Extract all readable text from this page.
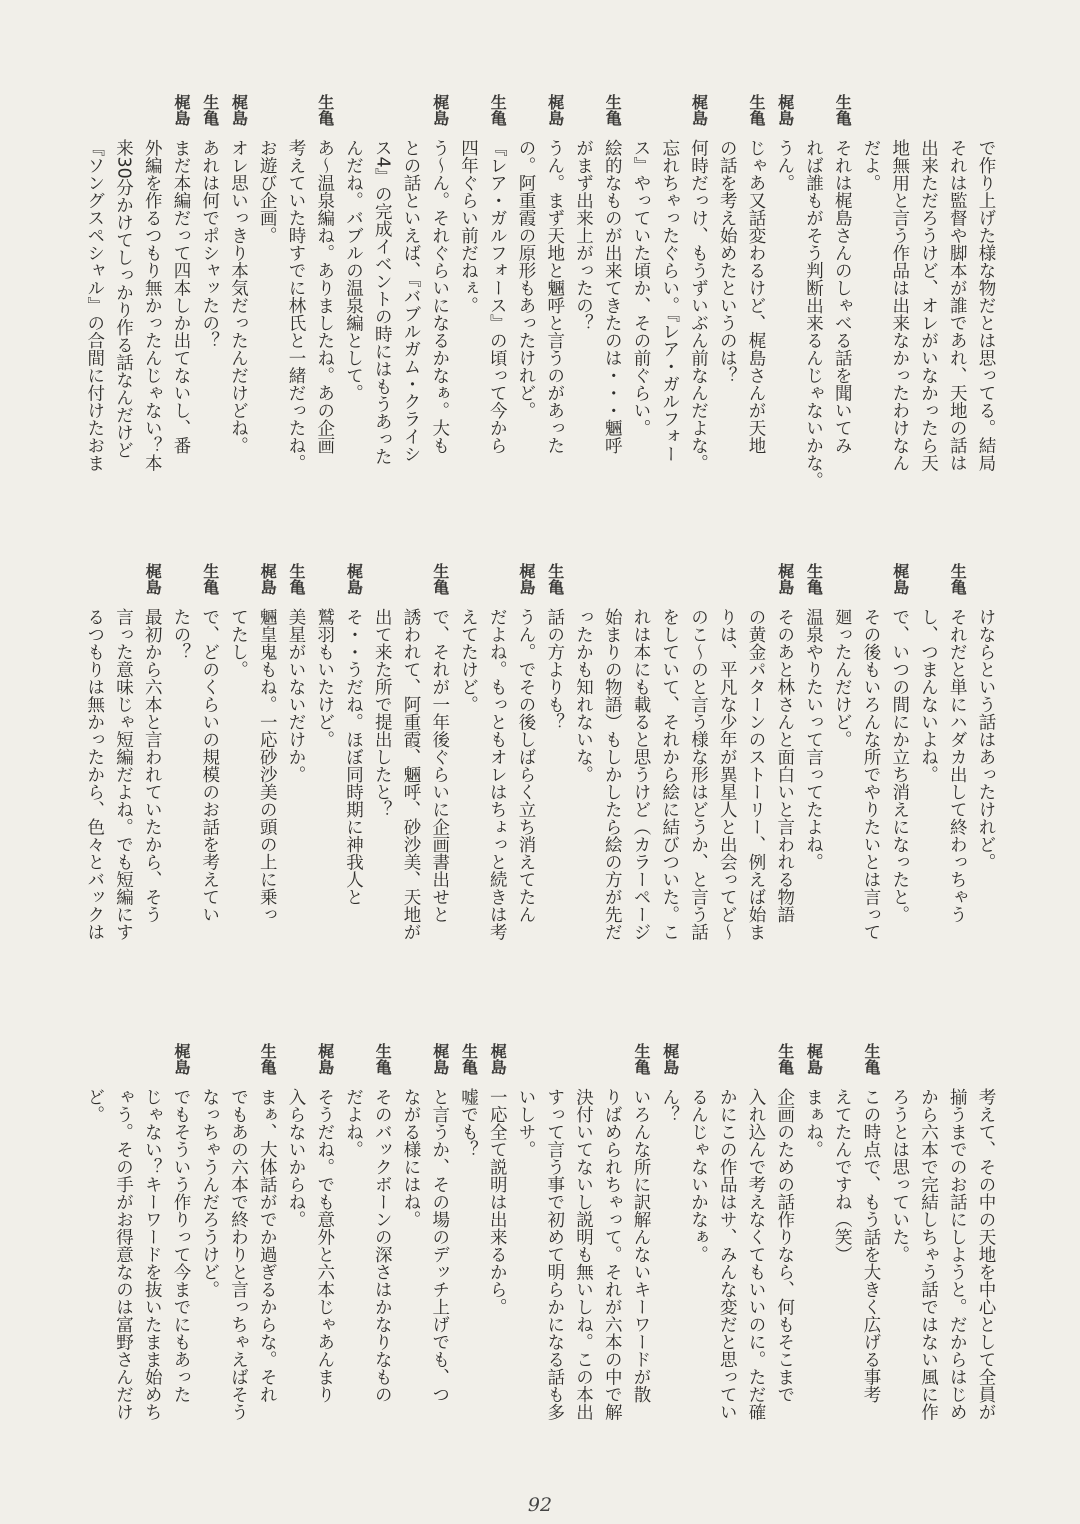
で作り上げた様な物だとは思ってる。結局
それは監督や脚本が誰であれ、天地の話は
出来ただろうけど、オレがいなかったら天
地無用と言う作品は出来なかったわけなん
だよ。
生亀それは梶島さんのしゃべる話を聞いてみ
れば誰もがそう判断出来るんじゃないかな。
梶島うん。
生亀じゃあ又話変わるけど、梶島さんが天地
の話を考え始めたというのは？
梶島何時だっけ、もうずいぶん前なんだよな。
忘れちゃったぐらい。『レア・ガルフォー
ス』やっていた頃か、その前ぐらい。
生亀絵的なものが出来てきたのは・・・魎呼
がまず出来上がったの？
梶島うん。まず天地と魎呼と言うのがあった
の。阿重霞の原形もあったけれど。
生亀『レア・ガルフォース』の頃って今から
四年ぐらい前だねぇ。
梶島う～ん。それぐらいになるかなぁ。大も
との話といえば、『バブルガム・クライシ
ス4』の完成イベントの時にはもうあった
んだね。バブルの温泉編として。
生亀あ～温泉編ね。ありましたね。あの企画
考えていた時すでに林氏と一緒だったね。
お遊び企画。
梶島オレ思いっきり本気だったんだけどね。
生亀あれは何でポシャッたの？
梶島まだ本編だって四本しか出てないし、番
外編を作るつもり無かったんじゃない？本
来30分かけてしっかり作る話なんだけど
『ソングスペシャル』の合間に付けたおま
けならという話はあったけれど。
生亀それだと単にハダカ出して終わっちゃう
し、つまんないよね。
梶島で、いつの間にか立ち消えになったと。
その後もいろんな所でやりたいとは言って
廻ったんだけど。
生亀温泉やりたいって言ってたよね。
梶島そのあと林さんと面白いと言われる物語
の黄金パターンのストーリー、例えば始ま
りは、平凡な少年が異星人と出会ってど～
のこ～のと言う様な形はどうか、と言う話
をしていて、それから絵に結びついた。こ
れは本にも載ると思うけど（カラーページ
始まりの物語）もしかしたら絵の方が先だ
ったかも知れないな。
生亀話の方よりも？
梶島うん。でその後しばらく立ち消えてたん
だよね。もっともオレはちょっと続きは考
えてたけど。
生亀で、それが一年後ぐらいに企画書出せと
誘われて、阿重霞、魎呼、砂沙美、天地が
出て来た所で提出したと？
梶島そ・・うだね。ほぼ同時期に神我人と
鷲羽もいたけど。
生亀美星がいないだけか。
梶島魎皇鬼もね。一応砂沙美の頭の上に乗っ
てたし。
生亀で、どのくらいの規模のお話を考えてい
たの？
梶島最初から六本と言われていたから、そう
言った意味じゃ短編だよね。でも短編にす
るつもりは無かったから、色々とバックは
考えて、その中の天地を中心として全員が
揃うまでのお話にしようと。だからはじめ
から六本で完結しちゃう話ではない風に作
ろうとは思っていた。
生亀この時点で、もう話を大きく広げる事考
えてたんですね（笑）
梶島まぁね。
生亀企画のための話作りなら、何もそこまで
入れ込んで考えなくてもいいのに。ただ確
かにこの作品はサ、みんな変だと思ってい
るんじゃないかなぁ。
梶島ん？
生亀いろんな所に訳解んないキーワードが散
りばめられちゃって。それが六本の中で解
決付いてないし説明も無いしね。この本出
すって言う事で初めて明らかになる話も多
いしサ。
梶島一応全て説明は出来るから。
生亀嘘でも？
梶島と言うか、その場のデッチ上げでも、つ
ながる様にはね。
生亀そのバックボーンの深さはかなりなもの
だよね。
梶島そうだね。でも意外と六本じゃあんまり
入らないからね。
生亀まぁ、大体話がでか過ぎるからな。それ
でもあの六本で終わりと言っちゃえばそう
なっちゃうんだろうけど。
梶島でもそういう作りって今までにもあった
じゃない？キーワードを抜いたまま始めち
ゃう。その手がお得意なのは富野さんだけ
ど。
92
